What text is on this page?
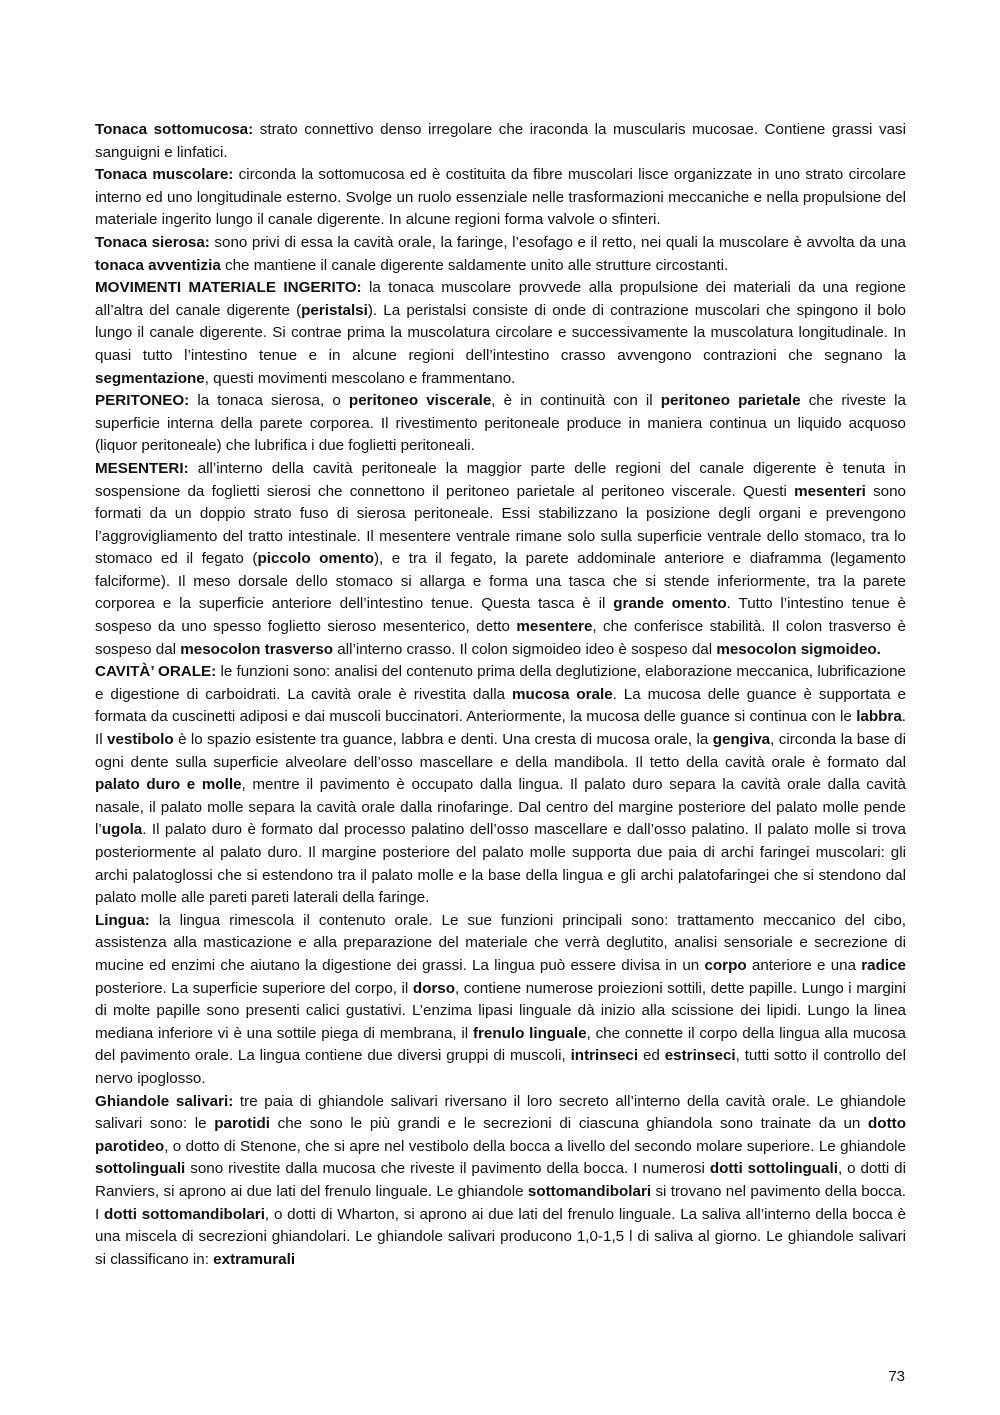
Tonaca sottomucosa: strato connettivo denso irregolare che iraconda la muscularis mucosae. Contiene grassi vasi sanguigni e linfatici.

Tonaca muscolare: circonda la sottomucosa ed è costituita da fibre muscolari lisce organizzate in uno strato circolare interno ed uno longitudinale esterno. Svolge un ruolo essenziale nelle trasformazioni meccaniche e nella propulsione del materiale ingerito lungo il canale digerente. In alcune regioni forma valvole o sfinteri.

Tonaca sierosa: sono privi di essa la cavità orale, la faringe, l’esofago e il retto, nei quali la muscolare è avvolta da una tonaca avventizia che mantiene il canale digerente saldamente unito alle strutture circostanti.

MOVIMENTI MATERIALE INGERITO: la tonaca muscolare provvede alla propulsione dei materiali da una regione all’altra del canale digerente (peristalsi). La peristalsi consiste di onde di contrazione muscolari che spingono il bolo lungo il canale digerente. Si contrae prima la muscolatura circolare e successivamente la muscolatura longitudinale. In quasi tutto l’intestino tenue e in alcune regioni dell’intestino crasso avvengono contrazioni che segnano la segmentazione, questi movimenti mescolano e frammentano.

PERITONEO: la tonaca sierosa, o peritoneo viscerale, è in continuità con il peritoneo parietale che riveste la superficie interna della parete corporea. Il rivestimento peritoneale produce in maniera continua un liquido acquoso (liquor peritoneale) che lubrifica i due foglietti peritoneali.

MESENTERI: all’interno della cavità peritoneale la maggior parte delle regioni del canale digerente è tenuta in sospensione da foglietti sierosi che connettono il peritoneo parietale al peritoneo viscerale. Questi mesenteri sono formati da un doppio strato fuso di sierosa peritoneale. Essi stabilizzano la posizione degli organi e prevengono l’aggrovigliamento del tratto intestinale. Il mesentere ventrale rimane solo sulla superficie ventrale dello stomaco, tra lo stomaco ed il fegato (piccolo omento), e tra il fegato, la parete addominale anteriore e diaframma (legamento falciforme). Il meso dorsale dello stomaco si allarga e forma una tasca che si stende inferiormente, tra la parete corporea e la superficie anteriore dell’intestino tenue. Questa tasca è il grande omento. Tutto l’intestino tenue è sospeso da uno spesso foglietto sieroso mesenterico, detto mesentere, che conferisce stabilità. Il colon trasverso è sospeso dal mesocolon trasverso all’interno crasso. Il colon sigmoideo ideo è sospeso dal mesocolon sigmoideo.

CAVITÀ’ ORALE: le funzioni sono: analisi del contenuto prima della deglutizione, elaborazione meccanica, lubrificazione e digestione di carboidrati. La cavità orale è rivestita dalla mucosa orale. La mucosa delle guance è supportata e formata da cuscinetti adiposi e dai muscoli buccinatori. Anteriormente, la mucosa delle guance si continua con le labbra. Il vestibolo è lo spazio esistente tra guance, labbra e denti. Una cresta di mucosa orale, la gengiva, circonda la base di ogni dente sulla superficie alveolare dell’osso mascellare e della mandibola. Il tetto della cavità orale è formato dal palato duro e molle, mentre il pavimento è occupato dalla lingua. Il palato duro separa la cavità orale dalla cavità nasale, il palato molle separa la cavità orale dalla rinofaringe. Dal centro del margine posteriore del palato molle pende l’ugola. Il palato duro è formato dal processo palatino dell’osso mascellare e dall’osso palatino. Il palato molle si trova posteriormente al palato duro. Il margine posteriore del palato molle supporta due paia di archi faringei muscolari: gli archi palatoglossi che si estendono tra il palato molle e la base della lingua e gli archi palatofaringei che si stendono dal palato molle alle pareti pareti laterali della faringe.

Lingua: la lingua rimescola il contenuto orale. Le sue funzioni principali sono: trattamento meccanico del cibo, assistenza alla masticazione e alla preparazione del materiale che verrà deglutito, analisi sensoriale e secrezione di mucine ed enzimi che aiutano la digestione dei grassi. La lingua può essere divisa in un corpo anteriore e una radice posteriore. La superficie superiore del corpo, il dorso, contiene numerose proiezioni sottili, dette papille. Lungo i margini di molte papille sono presenti calici gustativi. L’enzima lipasi linguale dà inizio alla scissione dei lipidi. Lungo la linea mediana inferiore vi è una sottile piega di membrana, il frenulo linguale, che connette il corpo della lingua alla mucosa del pavimento orale. La lingua contiene due diversi gruppi di muscoli, intrinseci ed estrinseci, tutti sotto il controllo del nervo ipoglosso.

Ghiandole salivari: tre paia di ghiandole salivari riversano il loro secreto all’interno della cavità orale. Le ghiandole salivari sono: le parotidi che sono le più grandi e le secrezioni di ciascuna ghiandola sono trainate da un dotto parotideo, o dotto di Stenone, che si apre nel vestibolo della bocca a livello del secondo molare superiore. Le ghiandole sottolinguali sono rivestite dalla mucosa che riveste il pavimento della bocca. I numerosi dotti sottolinguali, o dotti di Ranviers, si aprono ai due lati del frenulo linguale. Le ghiandole sottomandibolari si trovano nel pavimento della bocca. I dotti sottomandibolari, o dotti di Wharton, si aprono ai due lati del frenulo linguale. La saliva all’interno della bocca è una miscela di secrezioni ghiandolari. Le ghiandole salivari producono 1,0-1,5 l di saliva al giorno. Le ghiandole salivari si classificano in: extramurali

73
